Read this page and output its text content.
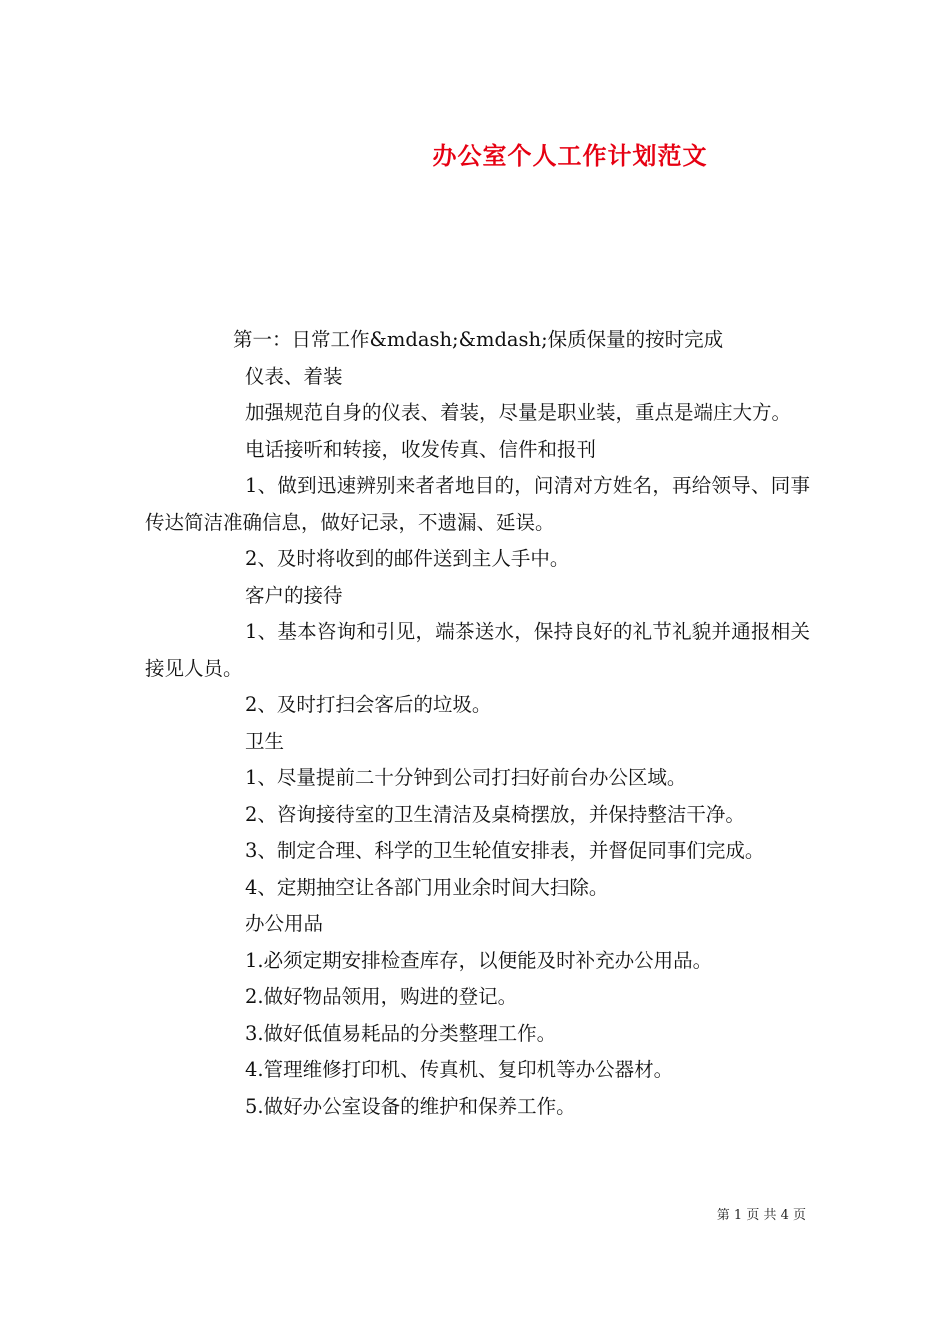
办公室个人工作计划范文

第一：日常工作&mdash;&mdash;保质保量的按时完成

仪表、着装

加强规范自身的仪表、着装，尽量是职业装，重点是端庄大方。

电话接听和转接，收发传真、信件和报刊

1、做到迅速辨别来者者地目的，问清对方姓名，再给领导、同事传达简洁准确信息，做好记录，不遗漏、延误。

2、及时将收到的邮件送到主人手中。

客户的接待

1、基本咨询和引见，端茶送水，保持良好的礼节礼貌并通报相关接见人员。

2、及时打扫会客后的垃圾。

卫生

1、尽量提前二十分钟到公司打扫好前台办公区域。

2、咨询接待室的卫生清洁及桌椅摆放，并保持整洁干净。

3、制定合理、科学的卫生轮值安排表，并督促同事们完成。

4、定期抽空让各部门用业余时间大扫除。

办公用品

1.必须定期安排检查库存，以便能及时补充办公用品。

2.做好物品领用，购进的登记。

3.做好低值易耗品的分类整理工作。

4.管理维修打印机、传真机、复印机等办公器材。

5.做好办公室设备的维护和保养工作。

第 1 页 共 4 页
